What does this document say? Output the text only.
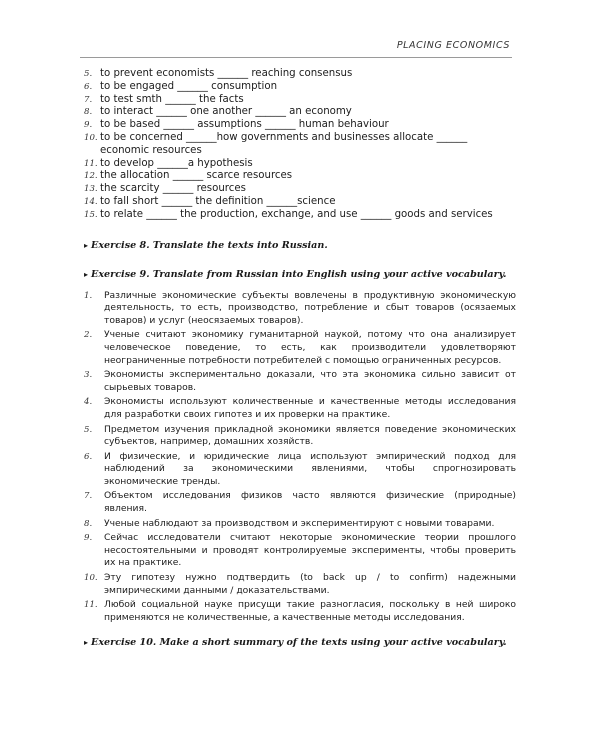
PLACING ECONOMICS
5. to prevent economists ______ reaching consensus
6. to be engaged ______ consumption
7. to test smth ______ the facts
8. to interact ______ one another ______ an economy
9. to be based ______ assumptions ______ human behaviour
10. to be concerned ______how governments and businesses allocate ______ economic resources
11. to develop ______a hypothesis
12. the allocation ______ scarce resources
13. the scarcity ______ resources
14. to fall short ______ the definition ______science
15. to relate ______ the production, exchange, and use ______ goods and services

▸ Exercise 8. Translate the texts into Russian.

▸ Exercise 9. Translate from Russian into English using your active vocabulary.

1.	Различные экономические субъекты вовлечены в продуктивную экономическую деятельность, то есть, производство, потребление и сбыт товаров (осязаемых товаров) и услуг (неосязаемых товаров).
2.	Ученые считают экономику гуманитарной наукой, потому что она анализирует человеческое поведение, то есть, как производители удовлетворяют неограниченные потребности потребителей с помощью ограниченных ресурсов.
3.	Экономисты экспериментально доказали, что эта экономика сильно зависит от сырьевых товаров.
4.	Экономисты используют количественные и качественные методы исследования для разработки своих гипотез и их проверки на практике.
5.	Предметом изучения прикладной экономики является поведение экономических субъектов, например, домашних хозяйств.
6.	И физические, и юридические лица используют эмпирический подход для наблюдений за экономическими явлениями, чтобы спрогнозировать экономические тренды.
7.	Объектом исследования физиков часто являются физические (природные) явления.
8.	Ученые наблюдают за производством и экспериментируют с новыми товарами.
9.	Сейчас исследователи считают некоторые экономические теории прошлого несостоятельными и проводят контролируемые эксперименты, чтобы проверить их на практике.
10. Эту гипотезу нужно подтвердить (to back up / to confirm) надежными эмпирическими данными / доказательствами.
11. Любой социальной науке присущи такие разногласия, поскольку в ней широко применяются не количественные, а качественные методы исследования.

▸ Exercise 10. Make a short summary of the texts using your active vocabulary.
